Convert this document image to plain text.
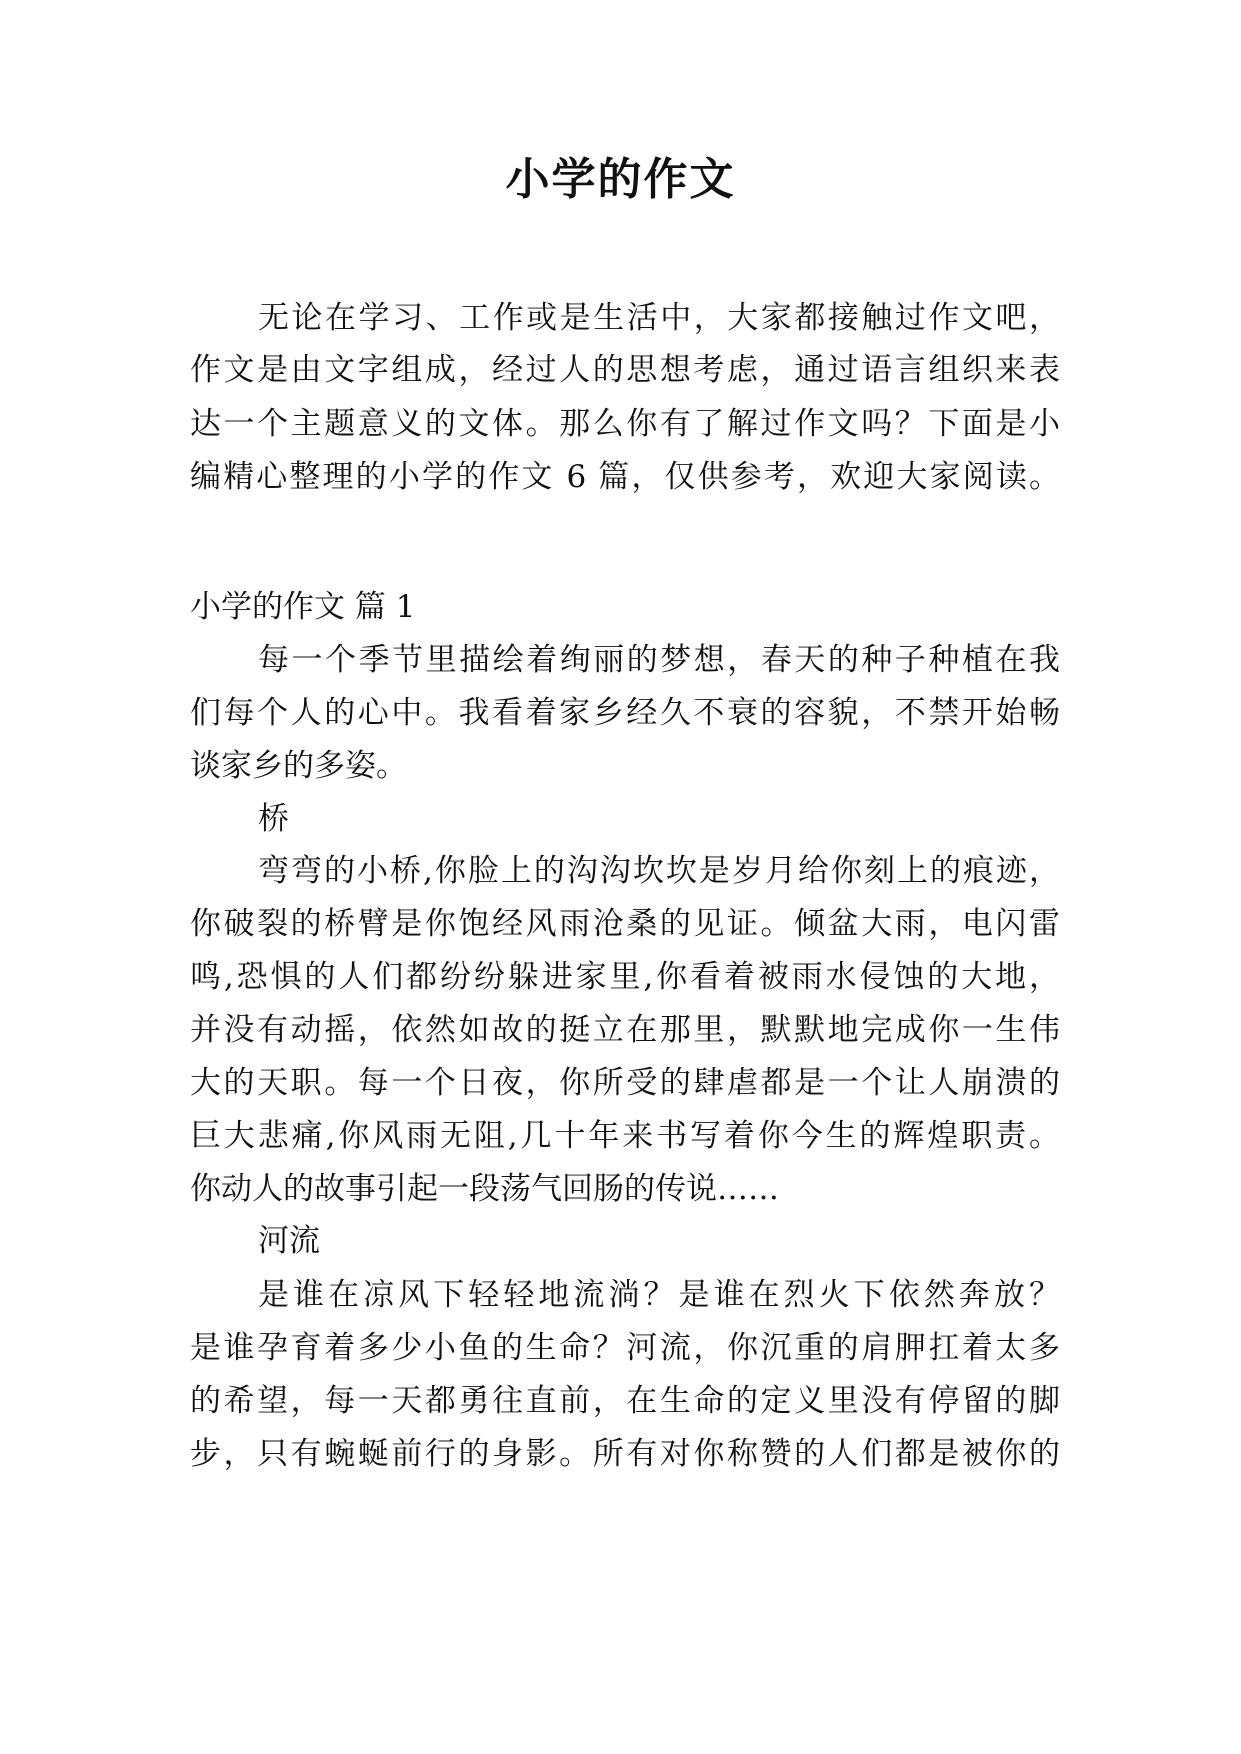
小学的作文
无论在学习、工作或是生活中，大家都接触过作文吧，
作文是由文字组成，经过人的思想考虑，通过语言组织来表
达一个主题意义的文体。那么你有了解过作文吗？下面是小
编精心整理的小学的作文 6 篇，仅供参考，欢迎大家阅读。
小学的作文 篇 1
每一个季节里描绘着绚丽的梦想，春天的种子种植在我
们每个人的心中。我看着家乡经久不衰的容貌，不禁开始畅
谈家乡的多姿。
桥
弯弯的小桥,你脸上的沟沟坎坎是岁月给你刻上的痕迹，
你破裂的桥臂是你饱经风雨沧桑的见证。倾盆大雨，电闪雷
鸣,恐惧的人们都纷纷躲进家里,你看着被雨水侵蚀的大地，
并没有动摇，依然如故的挺立在那里，默默地完成你一生伟
大的天职。每一个日夜，你所受的肆虐都是一个让人崩溃的
巨大悲痛,你风雨无阻,几十年来书写着你今生的辉煌职责。
你动人的故事引起一段荡气回肠的传说……
河流
是谁在凉风下轻轻地流淌？是谁在烈火下依然奔放？
是谁孕育着多少小鱼的生命？河流，你沉重的肩胛扛着太多
的希望，每一天都勇往直前，在生命的定义里没有停留的脚
步，只有蜿蜒前行的身影。所有对你称赞的人们都是被你的
